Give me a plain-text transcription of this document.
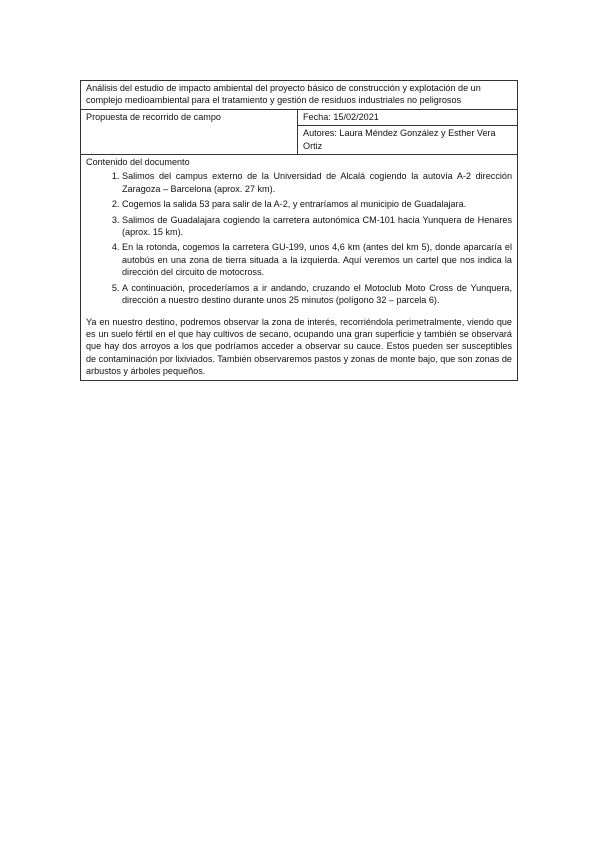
Análisis del estudio de impacto ambiental del proyecto básico de construcción y explotación de un complejo medioambiental para el tratamiento y gestión de residuos industriales no peligrosos
Propuesta de recorrido de campo	Fecha: 15/02/2021
Autores: Laura Méndez González y Esther Vera Ortiz

Contenido del documento

1. Salimos del campus externo de la Universidad de Alcalá cogiendo la autovía A-2 dirección Zaragoza – Barcelona (aprox. 27 km).
2. Cogemos la salida 53 para salir de la A-2, y entraríamos al municipio de Guadalajara.
3. Salimos de Guadalajara cogiendo la carretera autonómica CM-101 hacia Yunquera de Henares (aprox. 15 km).
4. En la rotonda, cogemos la carretera GU-199, unos 4,6 km (antes del km 5), donde aparcaría el autobús en una zona de tierra situada a la izquierda. Aquí veremos un cartel que nos indica la dirección del circuito de motocross.
5. A continuación, procederíamos a ir andando, cruzando el Motoclub Moto Cross de Yunquera, dirección a nuestro destino durante unos 25 minutos (polígono 32 – parcela 6).

Ya en nuestro destino, podremos observar la zona de interés, recorriéndola perimetralmente, viendo que es un suelo fértil en el que hay cultivos de secano, ocupando una gran superficie y también se observará que hay dos arroyos a los que podríamos acceder a observar su cauce. Estos pueden ser susceptibles de contaminación por lixiviados. También observaremos pastos y zonas de monte bajo, que son zonas de arbustos y árboles pequeños.
